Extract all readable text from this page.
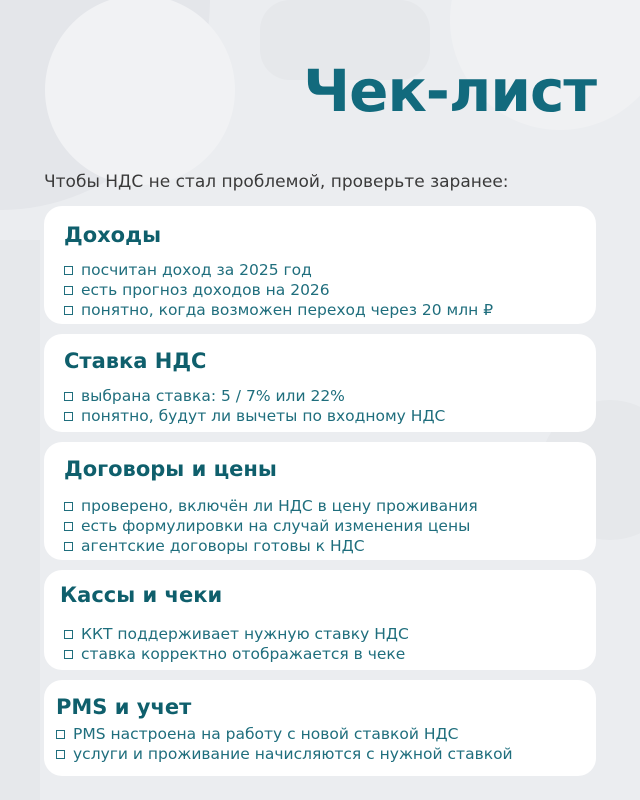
Чек-лист

Чтобы НДС не стал проблемой, проверьте заранее:

Доходы
посчитан доход за 2025 год
есть прогноз доходов на 2026
понятно, когда возможен переход через 20 млн ₽
Ставка НДС
выбрана ставка: 5 / 7% или 22%
понятно, будут ли вычеты по входному НДС
Договоры и цены
проверено, включён ли НДС в цену проживания
есть формулировки на случай изменения цены
агентские договоры готовы к НДС
Кассы и чеки
ККТ поддерживает нужную ставку НДС
ставка корректно отображается в чеке
PMS и учет
PMS настроена на работу с новой ставкой НДС
услуги и проживание начисляются с нужной ставкой
